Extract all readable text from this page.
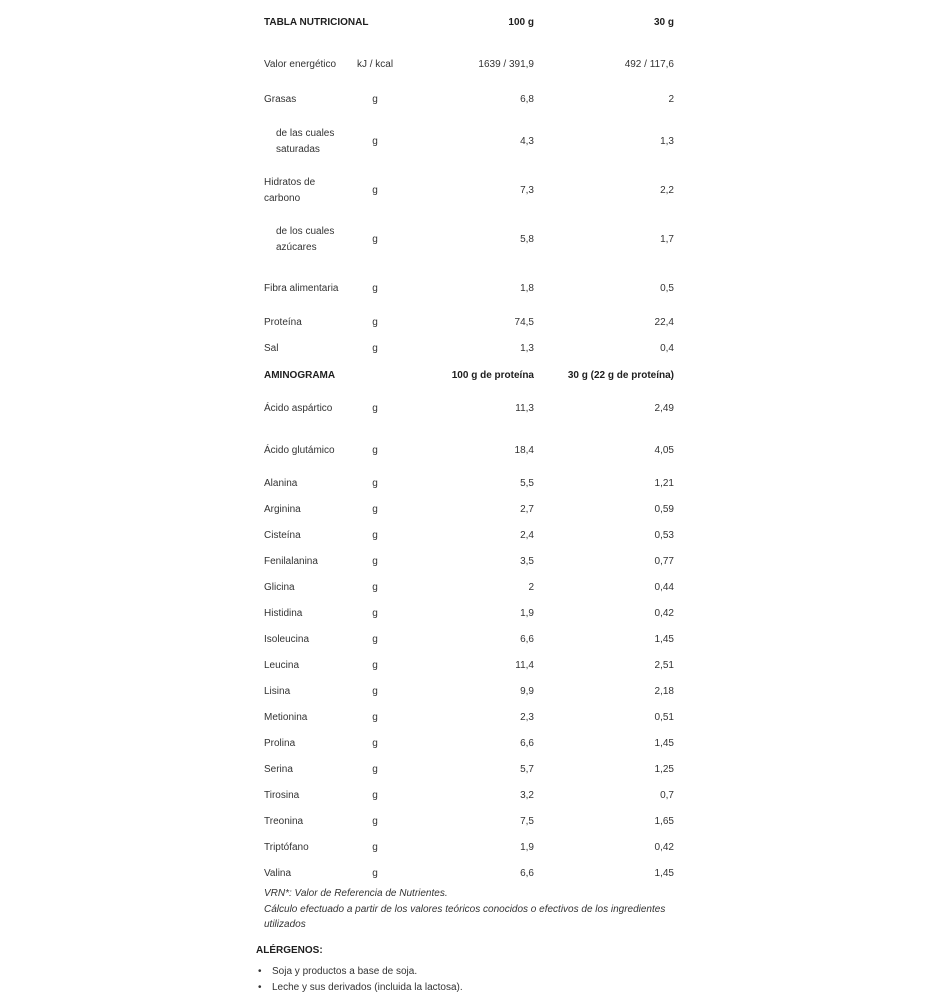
TABLA NUTRICIONAL		100 g	30 g
Valor energético	kJ / kcal	1639 / 391,9	492 / 117,6
Grasas	g	6,8	2
de las cuales saturadas	g	4,3	1,3
Hidratos de carbono	g	7,3	2,2
de los cuales azúcares	g	5,8	1,7
Fibra alimentaria	g	1,8	0,5
Proteína	g	74,5	22,4
Sal	g	1,3	0,4
AMINOGRAMA		100 g de proteína	30 g (22 g de proteína)
Ácido aspártico	g	11,3	2,49
Ácido glutámico	g	18,4	4,05
Alanina	g	5,5	1,21
Arginina	g	2,7	0,59
Cisteína	g	2,4	0,53
Fenilalanina	g	3,5	0,77
Glicina	g	2	0,44
Histidina	g	1,9	0,42
Isoleucina	g	6,6	1,45
Leucina	g	11,4	2,51
Lisina	g	9,9	2,18
Metionina	g	2,3	0,51
Prolina	g	6,6	1,45
Serina	g	5,7	1,25
Tirosina	g	3,2	0,7
Treonina	g	7,5	1,65
Triptófano	g	1,9	0,42
Valina	g	6,6	1,45
VRN*: Valor de Referencia de Nutrientes.
Cálculo efectuado a partir de los valores teóricos conocidos o efectivos de los ingredientes utilizados
ALÉRGENOS:
• Soja y productos a base de soja.
• Leche y sus derivados (incluida la lactosa).
